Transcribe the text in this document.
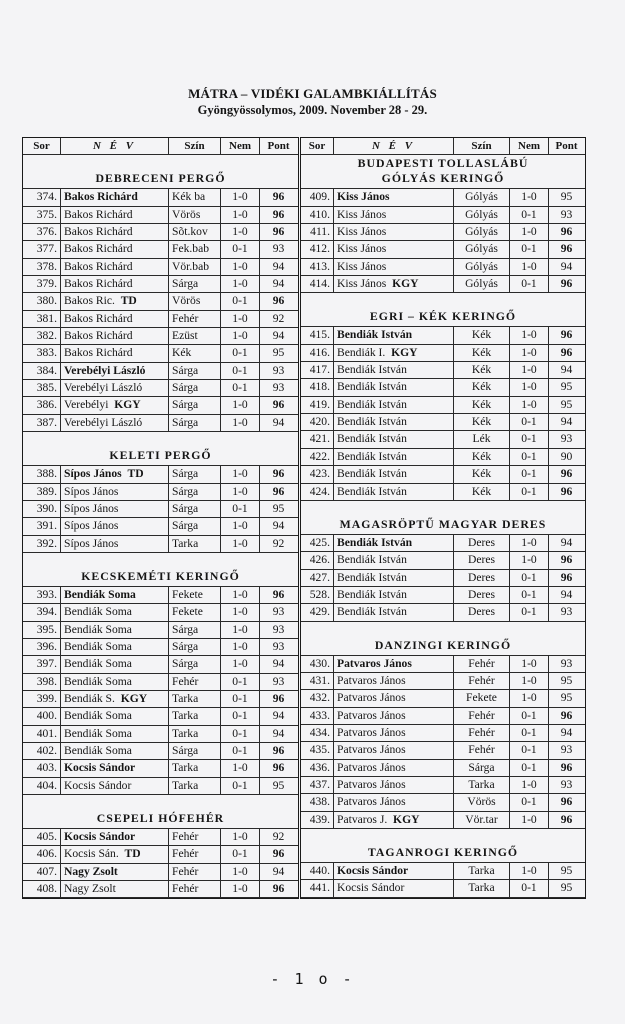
MÁTRA – VIDÉKI GALAMBKIÁLLÍTÁS
Gyöngyössolymos, 2009. November 28 - 29.
Sor	N É V	Szín	Nem	Pont
DEBRECENI PERGŐ
374. Bakos Richárd	Kék ba	1-0	96
375. Bakos Richárd	Vörös	1-0	96
376. Bakos Richárd	Sõt.kov	1-0	96
377. Bakos Richárd	Fek.bab	0-1	93
378. Bakos Richárd	Vör.bab	1-0	94
379. Bakos Richárd	Sárga	1-0	94
380. Bakos Ric.  TD	Vörös	0-1	96
381. Bakos Richárd	Fehér	1-0	92
382. Bakos Richárd	Ezüst	1-0	94
383. Bakos Richárd	Kék	0-1	95
384. Verebélyi László	Sárga	0-1	93
385. Verebélyi László	Sárga	0-1	93
386. Verebélyi  KGY	Sárga	1-0	96
387. Verebélyi László	Sárga	1-0	94
KELETI PERGŐ
388. Sípos János  TD	Sárga	1-0	96
389. Sípos János	Sárga	1-0	96
390. Sípos János	Sárga	0-1	95
391. Sípos János	Sárga	1-0	94
392. Sípos János	Tarka	1-0	92
KECSKEMÉTI KERINGŐ
393. Bendiák Soma	Fekete	1-0	96
394. Bendiák Soma	Fekete	1-0	93
395. Bendiák Soma	Sárga	1-0	93
396. Bendiák Soma	Sárga	1-0	93
397. Bendiák Soma	Sárga	1-0	94
398. Bendiák Soma	Fehér	0-1	93
399. Bendiák S.  KGY	Tarka	0-1	96
400. Bendiák Soma	Tarka	0-1	94
401. Bendiák Soma	Tarka	0-1	94
402. Bendiák Soma	Sárga	0-1	96
403. Kocsis Sándor	Tarka	1-0	96
404. Kocsis Sándor	Tarka	0-1	95
CSEPELI HÓFEHÉR
405. Kocsis Sándor	Fehér	1-0	92
406. Kocsis Sán.  TD	Fehér	0-1	96
407. Nagy Zsolt	Fehér	1-0	94
408. Nagy Zsolt	Fehér	1-0	96
Sor	N É V	Szín	Nem	Pont
BUDAPESTI TOLLASLÁBÚ
GÓLYÁS KERINGŐ
409. Kiss János	Gólyás	1-0	95
410. Kiss János	Gólyás	0-1	93
411. Kiss János	Gólyás	1-0	96
412. Kiss János	Gólyás	0-1	96
413. Kiss János	Gólyás	1-0	94
414. Kiss János  KGY	Gólyás	0-1	96
EGRI – KÉK KERINGŐ
415. Bendiák István	Kék	1-0	96
416. Bendiák I.  KGY	Kék	1-0	96
417. Bendiák István	Kék	1-0	94
418. Bendiák István	Kék	1-0	95
419. Bendiák István	Kék	1-0	95
420. Bendiák István	Kék	0-1	94
421. Bendiák István	Lék	0-1	93
422. Bendiák István	Kék	0-1	90
423. Bendiák István	Kék	0-1	96
424. Bendiák István	Kék	0-1	96
MAGASRÖPTŰ MAGYAR DERES
425. Bendiák István	Deres	1-0	94
426. Bendiák István	Deres	1-0	96
427. Bendiák István	Deres	0-1	96
528. Bendiák István	Deres	0-1	94
429. Bendiák István	Deres	0-1	93
DANZINGI KERINGŐ
430. Patvaros János	Fehér	1-0	93
431. Patvaros János	Fehér	1-0	95
432. Patvaros János	Fekete	1-0	95
433. Patvaros János	Fehér	0-1	96
434. Patvaros János	Fehér	0-1	94
435. Patvaros János	Fehér	0-1	93
436. Patvaros János	Sárga	0-1	96
437. Patvaros János	Tarka	1-0	93
438. Patvaros János	Vörös	0-1	96
439. Patvaros J.  KGY	Vör.tar	1-0	96
TAGANROGI KERINGŐ
440. Kocsis Sándor	Tarka	1-0	95
441. Kocsis Sándor	Tarka	0-1	95
- 1 o -
